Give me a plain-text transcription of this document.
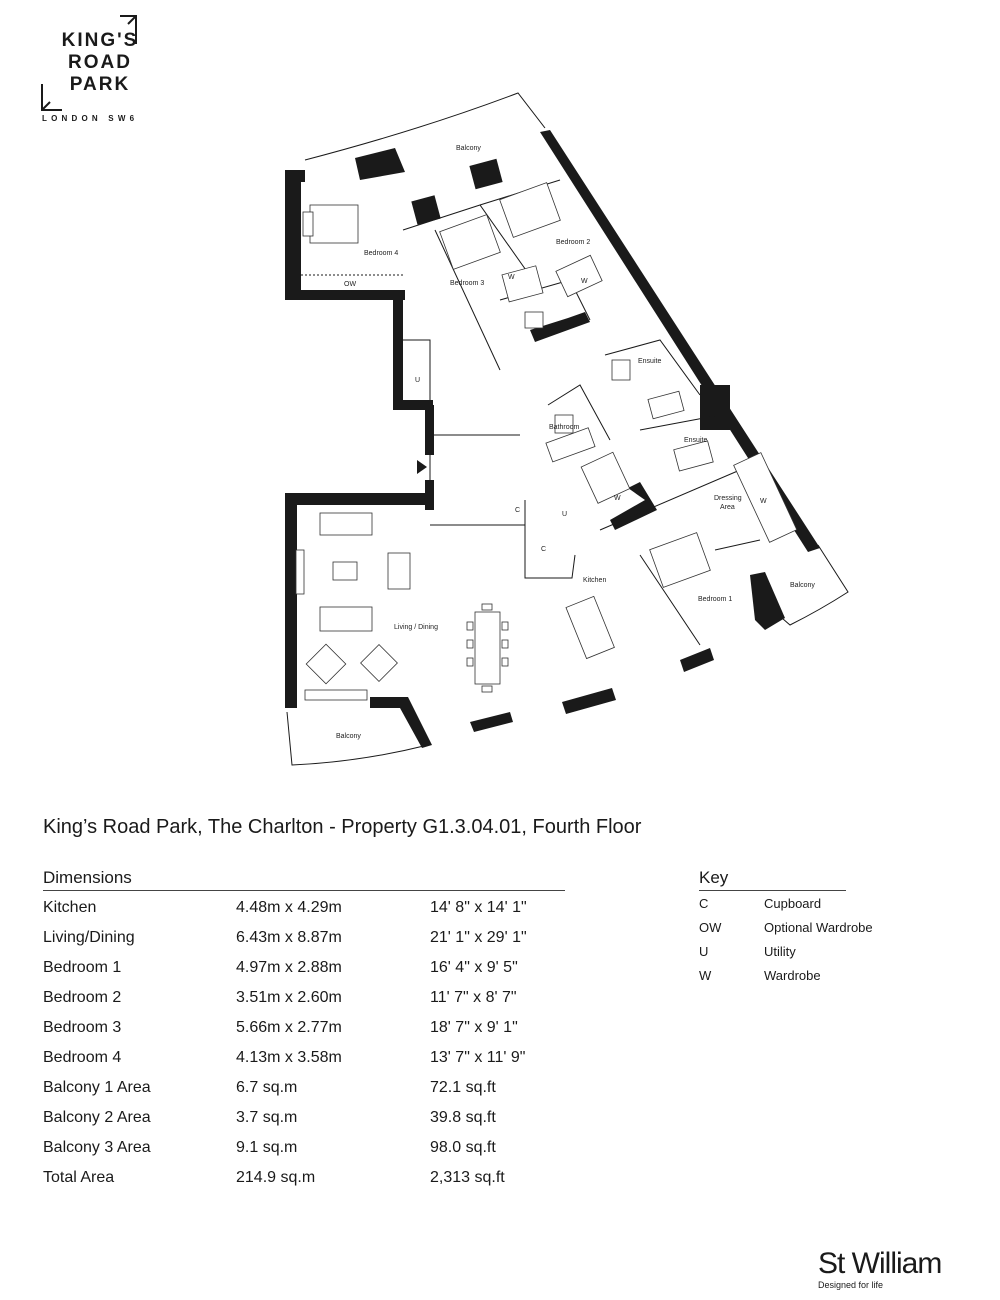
KING'S
ROAD
PARK
LONDON SW6
Balcony
Bedroom 4
OW	Bedroom 3
Bedroom 2
W
W
U
Ensuite
Bathroom
Ensuite
W	Dressing
Area
W
C
U
C
Kitchen
Living / Dining
Bedroom 1
Balcony
Balcony
King’s Road Park, The Charlton - Property G1.3.04.01, Fourth Floor
Dimensions
Kitchen	4.48m x 4.29m	14' 8" x 14' 1"
Living/Dining	6.43m x 8.87m	21' 1" x 29' 1"
Bedroom 1	4.97m x 2.88m	16' 4" x 9' 5"
Bedroom 2	3.51m x 2.60m	11' 7" x 8' 7"
Bedroom 3	5.66m x 2.77m	18' 7" x 9' 1"
Bedroom 4	4.13m x 3.58m	13' 7" x 11' 9"
Balcony 1 Area	6.7 sq.m	72.1 sq.ft
Balcony 2 Area	3.7 sq.m	39.8 sq.ft
Balcony 3 Area	9.1 sq.m	98.0 sq.ft
Total Area	214.9 sq.m	2,313 sq.ft
Key
C	Cupboard
OW	Optional Wardrobe
U	Utility
W	Wardrobe
St William
Designed for life
